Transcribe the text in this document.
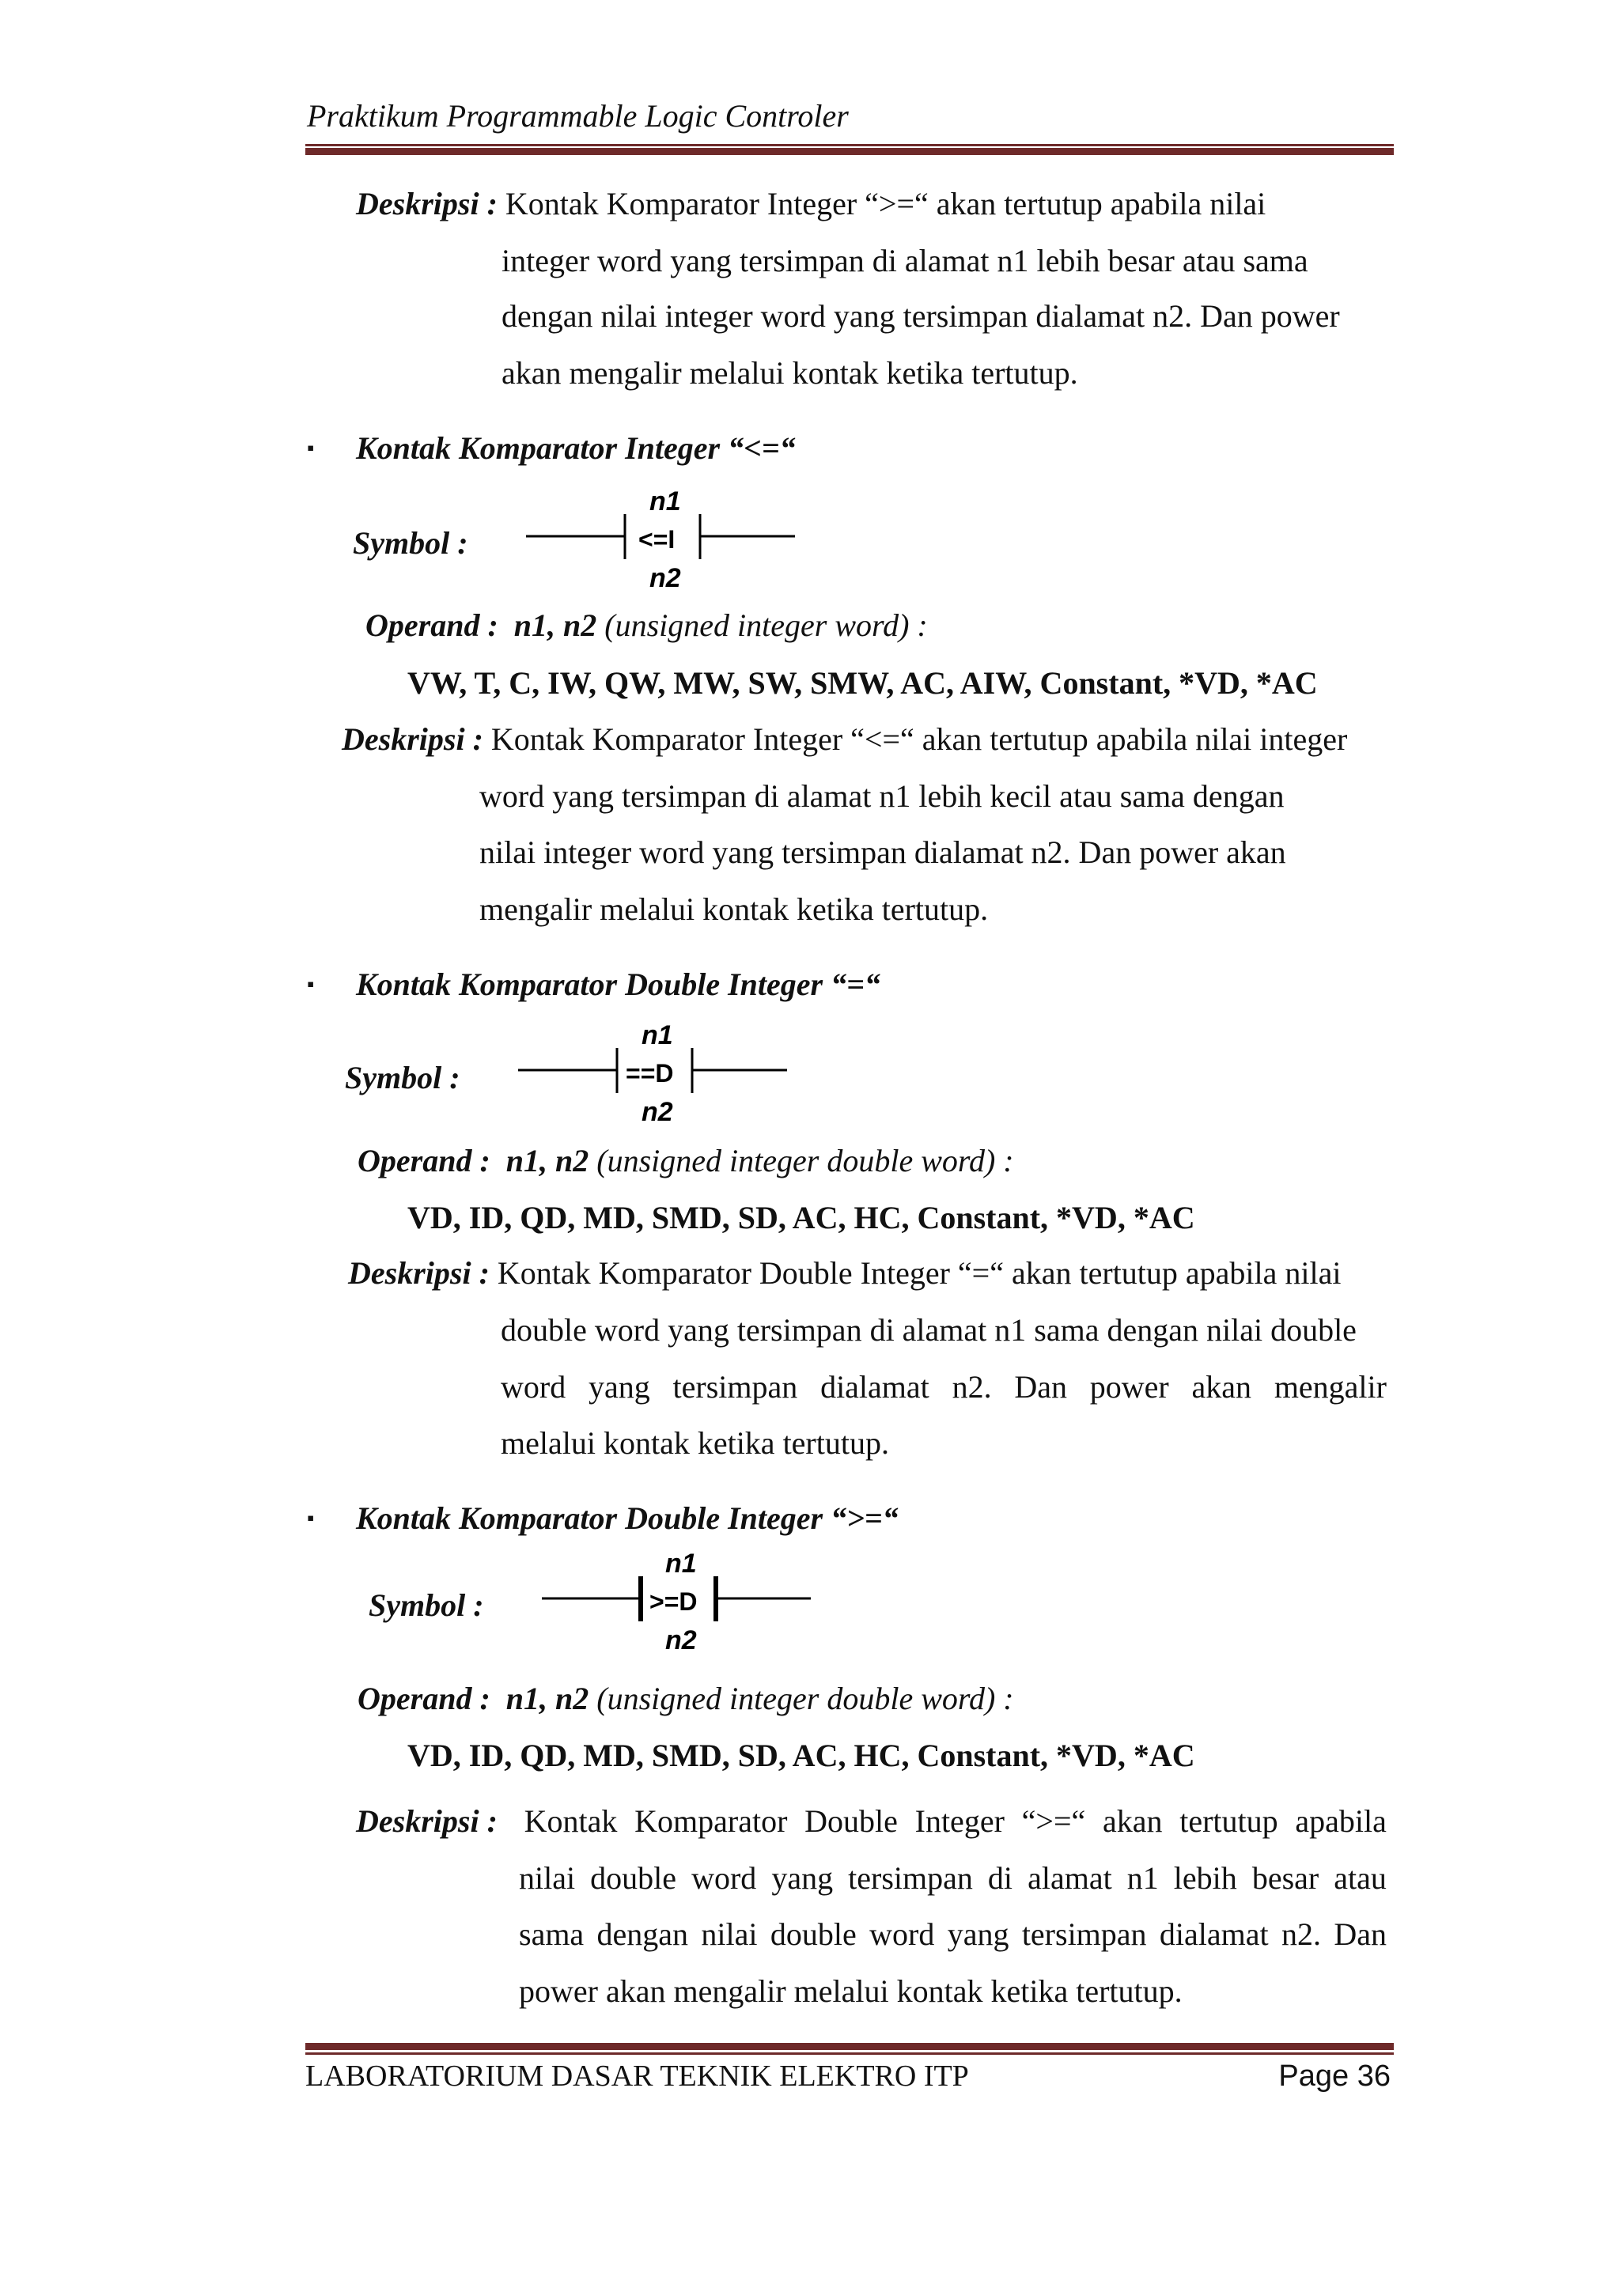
Praktikum Programmable Logic Controler
Deskripsi : Kontak Komparator Integer “>=“ akan tertutup apabila nilai
integer word yang tersimpan di alamat n1 lebih besar atau sama
dengan nilai integer word yang tersimpan dialamat n2. Dan power
akan mengalir melalui kontak ketika tertutup.
▪ Kontak Komparator Integer “<=“
Symbol :
n1
<=I
n2
Operand : n1, n2 (unsigned integer word) :
VW, T, C, IW, QW, MW, SW, SMW, AC, AIW, Constant, *VD, *AC
Deskripsi : Kontak Komparator Integer “<=“ akan tertutup apabila nilai integer
word yang tersimpan di alamat n1 lebih kecil atau sama dengan
nilai integer word yang tersimpan dialamat n2. Dan power akan
mengalir melalui kontak ketika tertutup.
▪ Kontak Komparator Double Integer “=“
Symbol :
n1
==D
n2
Operand : n1, n2 (unsigned integer double word) :
VD, ID, QD, MD, SMD, SD, AC, HC, Constant, *VD, *AC
Deskripsi : Kontak Komparator Double Integer “=“ akan tertutup apabila nilai
double word yang tersimpan di alamat n1 sama dengan nilai double
word yang tersimpan dialamat n2. Dan power akan mengalir
melalui kontak ketika tertutup.
▪ Kontak Komparator Double Integer “>=“
Symbol :
n1
>=D
n2
Operand : n1, n2 (unsigned integer double word) :
VD, ID, QD, MD, SMD, SD, AC, HC, Constant, *VD, *AC
Deskripsi : Kontak Komparator Double Integer “>=“ akan tertutup apabila
nilai double word yang tersimpan di alamat n1 lebih besar atau
sama dengan nilai double word yang tersimpan dialamat n2. Dan
power akan mengalir melalui kontak ketika tertutup.
LABORATORIUM DASAR TEKNIK ELEKTRO ITP	Page 36
